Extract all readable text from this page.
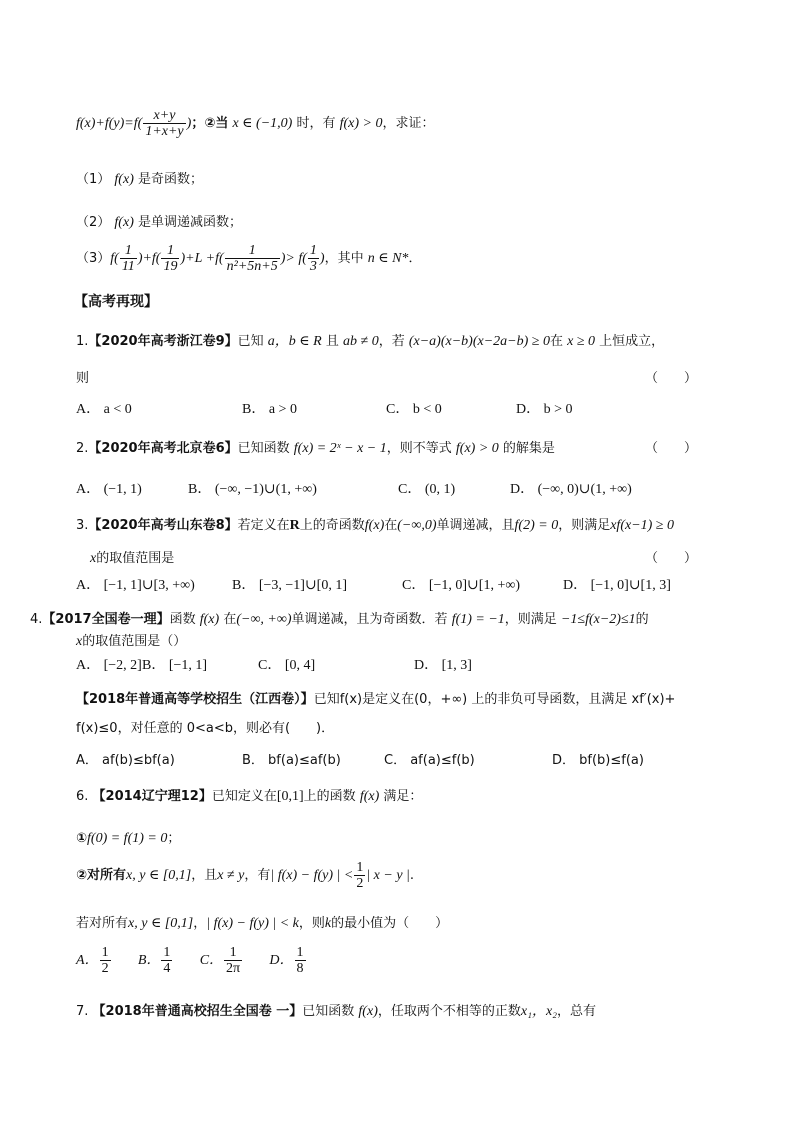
$f(x)+f(y)=f( \frac{x+y}{1+x+y}$ )；②当 x ∈ (−1,0) 时，有 f(x) > 0，求证：
（1） f(x) 是奇函数；
（2） f(x) 是单调递减函数；
$(3)f( \frac{1}{11} )+f( \frac{1}{19} )+L +f( \frac{1}{\text{n²+5n+5}}$ )> $f( \frac{1}{3}$ )，其中 n ∈ N*．
【高考再现】
1.【2020年高考浙江卷9】已知 a，b ∈ R 且 ab ≠ 0，若 (x−a)(x−b)(x−2a−b) ≥ 0在 x ≥ 0 上恒成立，
则	（　　）
A． a < 0	B． a > 0	C． b < 0	D． b > 0
2.【2020年高考北京卷6】已知函数 f(x) = 2ˣ − x − 1，则不等式 f(x) > 0 的解集是	（　　）
A． (−1, 1)	B． (−∞, −1)∪(1, +∞)	C． (0, 1)	D． (−∞, 0)∪(1, +∞)
3.【2020年高考山东卷8】若定义在R上的奇函数f(x)在(−∞,0)单调递减，且f(2) = 0，则满足xf(x−1) ≥ 0
x的取值范围是	（　　）
A． [−1, 1]∪[3, +∞)	B． [−3, −1]∪[0, 1]	C． [−1, 0]∪[1, +∞)	D． [−1, 0]∪[1, 3]
4.【2017全国卷一理】函数 f(x) 在(−∞, +∞)单调递减，且为奇函数．若 f(1) = −1，则满足 −1≤f(x−2)≤1的
x的取值范围是（）
A． [−2, 2] B． [−1, 1]	C． [0, 4]	D． [1, 3]
【2018年普通高等学校招生（江西卷）】已知f(x)是定义在(0，+∞) 上的非负可导函数，且满足 xf′(x)+
f(x)≤0，对任意的 0<a<b，则必有(　　)．
A． af(b)≤bf(a)	B． bf(a)≤af(b)	C． af(a)≤f(b)	D． bf(b)≤f(a)
6. 【2014辽宁理12】已知定义在[0,1]上的函数 f(x) 满足：
①f(0) = f(1) = 0；
②对所有x, y ∈ [0,1]，且x ≠ y，有| f(x) − f(y) | < $\frac{1}{2}$ | x − y |.
若对所有x, y ∈ [0,1]，| f(x) − f(y) | < k，则k的最小值为（　　）
A． $\frac{1}{2}$ B． $\frac{1}{4}$ C． $\frac{1}{2\pi}$ D． $\frac{1}{8}$
7. 【2018年普通高校招生全国卷 一】已知函数 f(x)，任取两个不相等的正数x₁，x₂，总有
